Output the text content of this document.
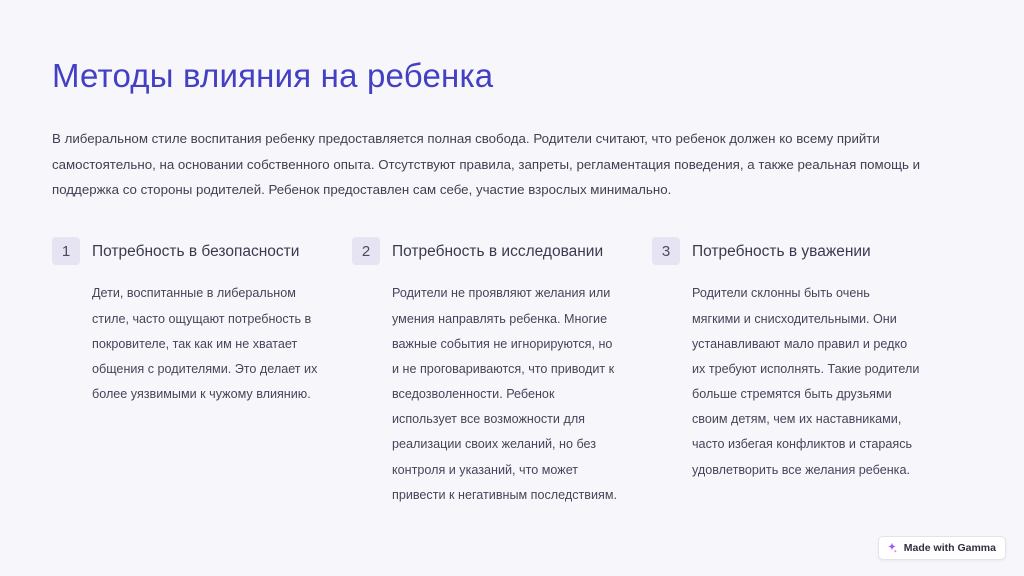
Методы влияния на ребенка

В либеральном стиле воспитания ребенку предоставляется полная свобода. Родители считают, что ребенок должен ко всему прийти самостоятельно, на основании собственного опыта. Отсутствуют правила, запреты, регламентация поведения, а также реальная помощь и поддержка со стороны родителей. Ребенок предоставлен сам себе, участие взрослых минимально.

1	Потребность в безопасности
Дети, воспитанные в либеральном стиле, часто ощущают потребность в покровителе, так как им не хватает общения с родителями. Это делает их более уязвимыми к чужому влиянию.
2	Потребность в исследовании
Родители не проявляют желания или умения направлять ребенка. Многие важные события не игнорируются, но и не проговариваются, что приводит к вседозволенности. Ребенок использует все возможности для реализации своих желаний, но без контроля и указаний, что может привести к негативным последствиям.
3	Потребность в уважении
Родители склонны быть очень мягкими и снисходительными. Они устанавливают мало правил и редко их требуют исполнять. Такие родители больше стремятся быть друзьями своим детям, чем их наставниками, часто избегая конфликтов и стараясь удовлетворить все желания ребенка.
Made with Gamma
